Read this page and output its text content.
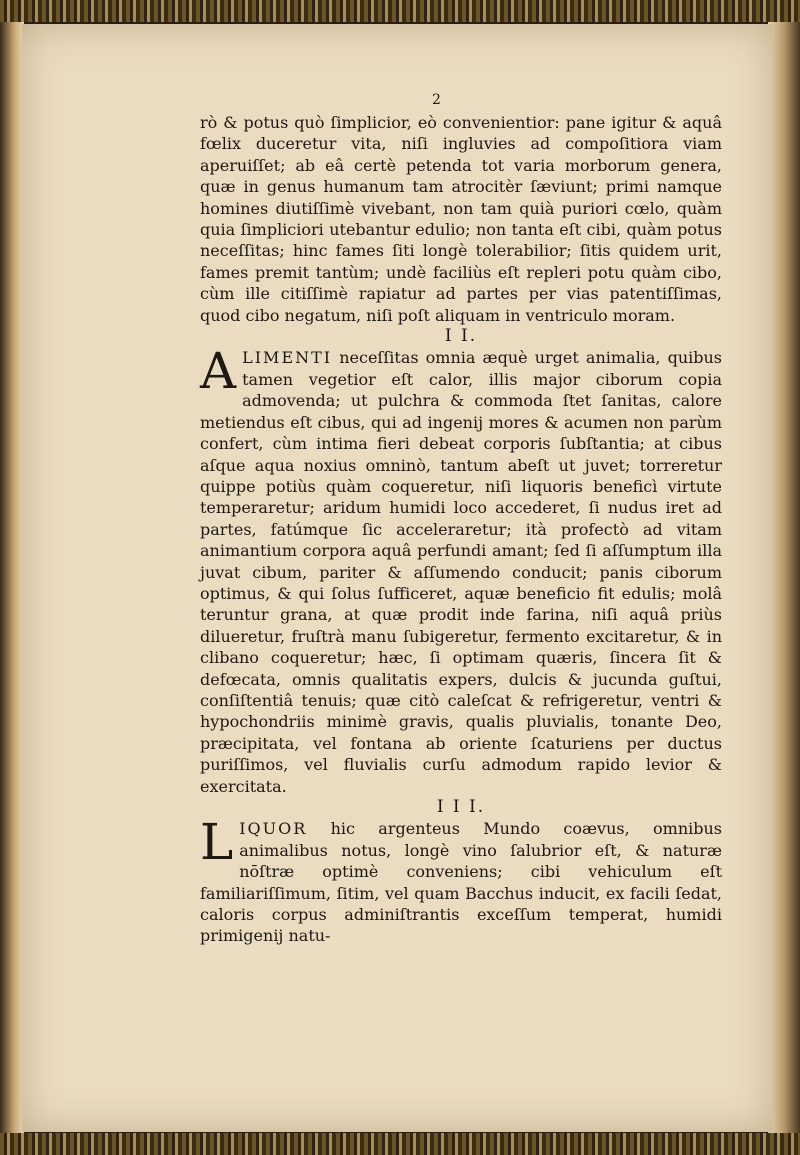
2

rò & potus quò ſimplicior, eò convenientior: pane igitur & aquâ fœlix duceretur vita, niſi ingluvies ad compoſitiora viam aperuiſſet; ab eâ certè petenda tot varia morborum genera, quæ in genus humanum tam atrocitèr ſæviunt; primi namque homines diutiſſimè vivebant, non tam quià puriori cœlo, quàm quia ſimpliciori utebantur edulio; non tanta eſt cibi, quàm potus neceſſitas; hinc fames ſiti longè tolerabilior; ſitis quidem urit, fames premit tantùm; undè faciliùs eſt repleri potu quàm cibo, cùm ille citiſſimè rapiatur ad partes per vias patentiſſimas, quod cibo negatum, niſi poſt aliquam in ventriculo moram.

I I.

ALIMENTI neceſſitas omnia æquè urget animalia, quibus tamen vegetior eſt calor, illis major ciborum copia admovenda; ut pulchra & commoda ſtet ſanitas, calore metiendus eſt cibus, qui ad ingenij mores & acumen non parùm confert, cùm intima fieri debeat corporis ſubſtantia; at cibus aſque aqua noxius omninò, tantum abeſt ut juvet; torreretur quippe potiùs quàm coqueretur, niſi liquoris beneficì virtute temperaretur; aridum humidi loco accederet, ſi nudus iret ad partes, fatúmque ſic acceleraretur; ità profectò ad vitam animantium corpora aquâ perfundi amant; ſed ſi aſſumptum illa juvat cibum, pariter & aſſumendo conducit; panis ciborum optimus, & qui ſolus ſufficeret, aquæ beneficio fit edulis; molâ teruntur grana, at quæ prodit inde farina, niſi aquâ priùs dilueretur, fruſtrà manu ſubigeretur, fermento excitaretur, & in clibano coqueretur; hæc, ſi optimam quæris, ſincera ſit & defœcata, omnis qualitatis expers, dulcis & jucunda guſtui, conſiſtentiâ tenuis; quæ citò caleſcat & refrigeretur, ventri & hypochondriis minimè gravis, qualis pluvialis, tonante Deo, præcipitata, vel fontana ab oriente ſcaturiens per ductus puriſſimos, vel fluvialis curſu admodum rapido levior & exercitata.

I I I.

LIQUOR hic argenteus Mundo coævus, omnibus animalibus notus, longè vino ſalubrior eſt, & naturæ nōſtræ optimè conveniens; cibi vehiculum eſt familiariſſimum, ſitim, vel quam Bacchus inducit, ex facili ſedat, caloris corpus adminiſtrantis exceſſum temperat, humidi primigenij natu-
